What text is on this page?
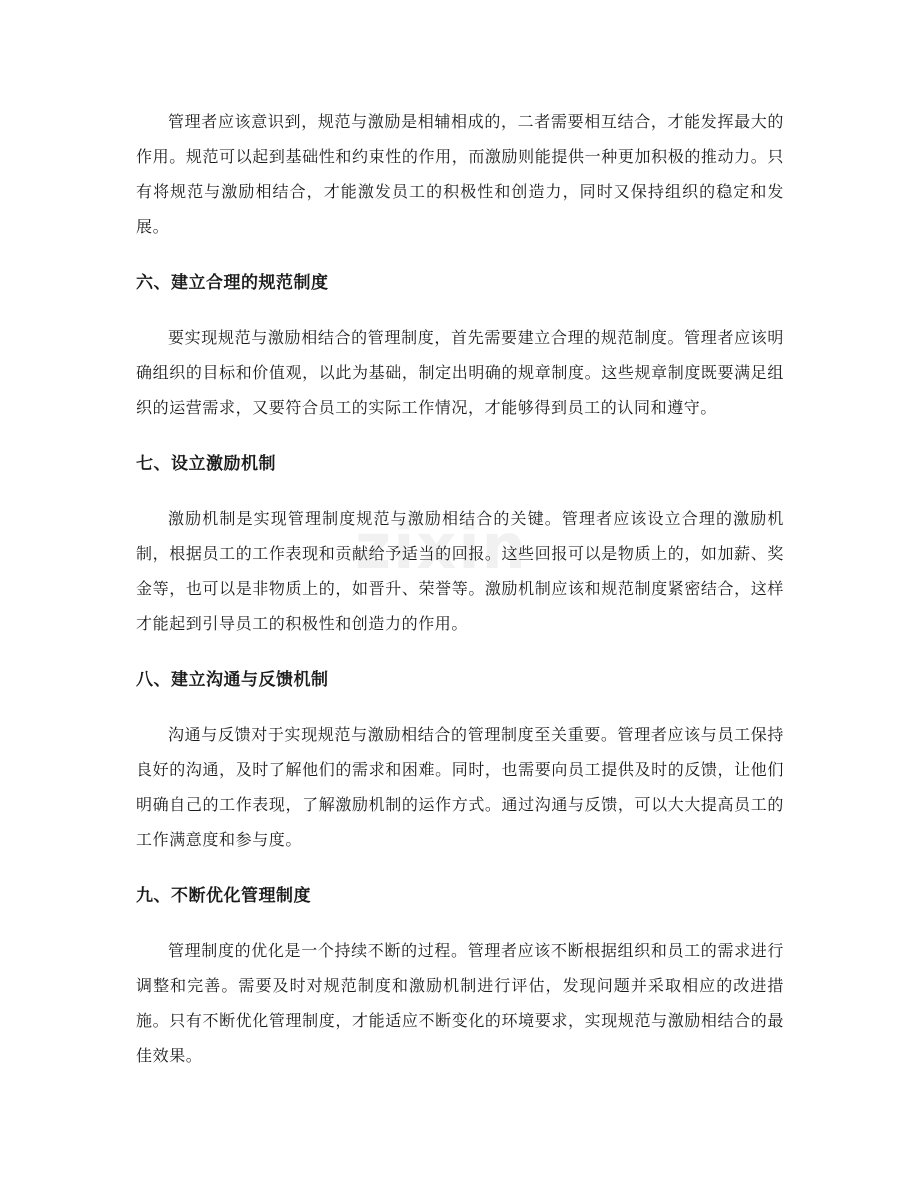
zixin

管理者应该意识到，规范与激励是相辅相成的，二者需要相互结合，才能发挥最大的作用。规范可以起到基础性和约束性的作用，而激励则能提供一种更加积极的推动力。只有将规范与激励相结合，才能激发员工的积极性和创造力，同时又保持组织的稳定和发展。

六、建立合理的规范制度

要实现规范与激励相结合的管理制度，首先需要建立合理的规范制度。管理者应该明确组织的目标和价值观，以此为基础，制定出明确的规章制度。这些规章制度既要满足组织的运营需求，又要符合员工的实际工作情况，才能够得到员工的认同和遵守。

七、设立激励机制

激励机制是实现管理制度规范与激励相结合的关键。管理者应该设立合理的激励机制，根据员工的工作表现和贡献给予适当的回报。这些回报可以是物质上的，如加薪、奖金等，也可以是非物质上的，如晋升、荣誉等。激励机制应该和规范制度紧密结合，这样才能起到引导员工的积极性和创造力的作用。

八、建立沟通与反馈机制

沟通与反馈对于实现规范与激励相结合的管理制度至关重要。管理者应该与员工保持良好的沟通，及时了解他们的需求和困难。同时，也需要向员工提供及时的反馈，让他们明确自己的工作表现，了解激励机制的运作方式。通过沟通与反馈，可以大大提高员工的工作满意度和参与度。

九、不断优化管理制度

管理制度的优化是一个持续不断的过程。管理者应该不断根据组织和员工的需求进行调整和完善。需要及时对规范制度和激励机制进行评估，发现问题并采取相应的改进措施。只有不断优化管理制度，才能适应不断变化的环境要求，实现规范与激励相结合的最佳效果。
